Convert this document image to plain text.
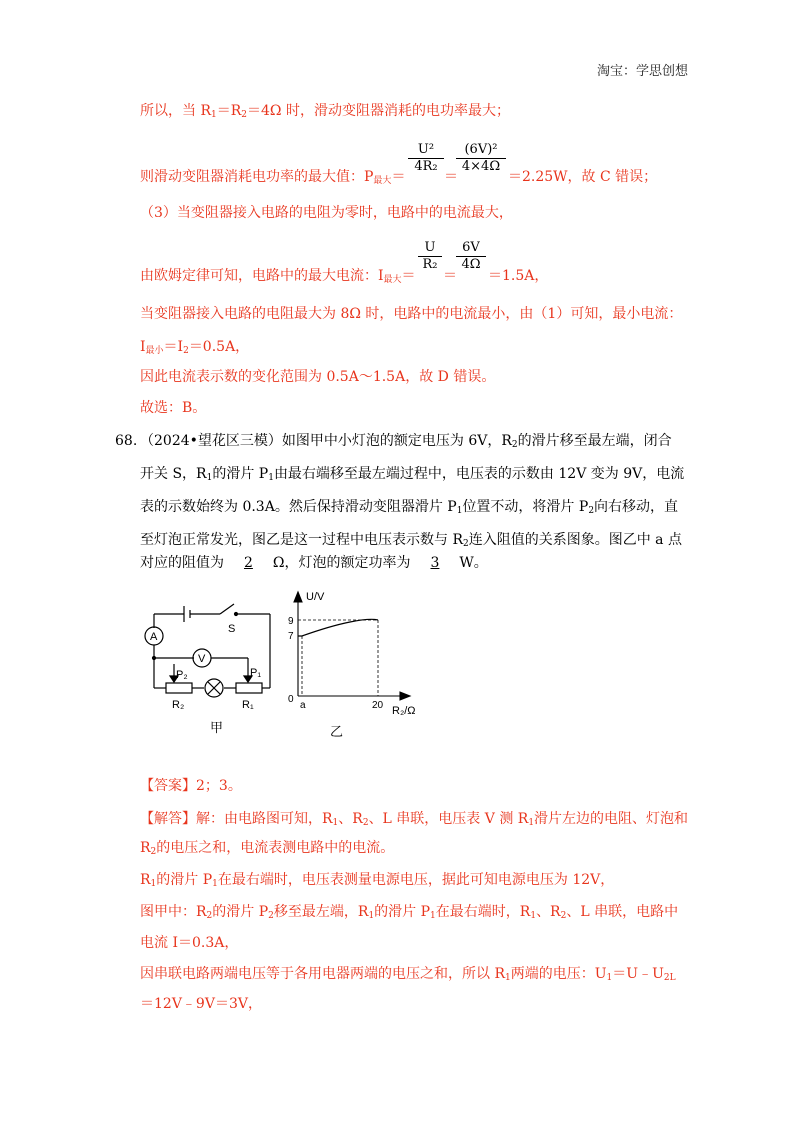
淘宝：学思创想
所以，当 $R_1=R_2=4\Omega$ 时，滑动变阻器消耗的电功率最大；
则滑动变阻器消耗电功率的最大值：$P_{最大}=$
$\frac{\text{U²}}{\text{4R₂}}$
＝
$\frac{\text{(6V)²}}{4\times 4\Omega}$
＝2.25W，故 C 错误；
（3）当变阻器接入电路的电阻为零时，电路中的电流最大，
由欧姆定律可知，电路中的最大电流：$I_{最大}=$
$\frac{U}{\text{R₂}}$
＝
$\frac{6V}{4\Omega}$
＝1.5A，
当变阻器接入电路的电阻最大为 8Ω 时，电路中的电流最小，由（1）可知，最小电流：
$I_{最小}=I_2=0.5A$，
因此电流表示数的变化范围为 0.5A～1.5A，故 D 错误。
故选：B。
68. （2024•望花区三模）如图甲中小灯泡的额定电压为 6V，$R_2$的滑片移至最左端，闭合
开关 S，$R_1$的滑片 $P_1$由最右端移至最左端过程中，电压表的示数由 12V 变为 9V，电流
表的示数始终为 0.3A。然后保持滑动变阻器滑片 $P_1$位置不动，将滑片 $P_2$向右移动，直
至灯泡正常发光，图乙是这一过程中电压表示数与 $R_2$连入阻值的关系图象。图乙中 a 点
对应的阻值为 2 Ω，灯泡的额定功率为 3 W。
A
V
S
P₂	P₁
R₂	R₁
甲
U/V
9
7
0
a	20 R₂/Ω
乙
【答案】2；3。
【解答】解：由电路图可知，$R_1$、$R_2$、L 串联，电压表 V 测 $R_1$滑片左边的电阻、灯泡和
$R_2$的电压之和，电流表测电路中的电流。
$R_1$的滑片 $P_1$在最右端时，电压表测量电源电压，据此可知电源电压为 12V，
图甲中：$R_2$的滑片 $P_2$移至最左端，$R_1$的滑片 $P_1$在最右端时，$R_1$、$R_2$、L 串联，电路中
电流 I＝0.3A，
因串联电路两端电压等于各用电器两端的电压之和，所以 $R_1$两端的电压：$U_1=U﹣U_{2L}$
＝12V﹣9V＝3V，
